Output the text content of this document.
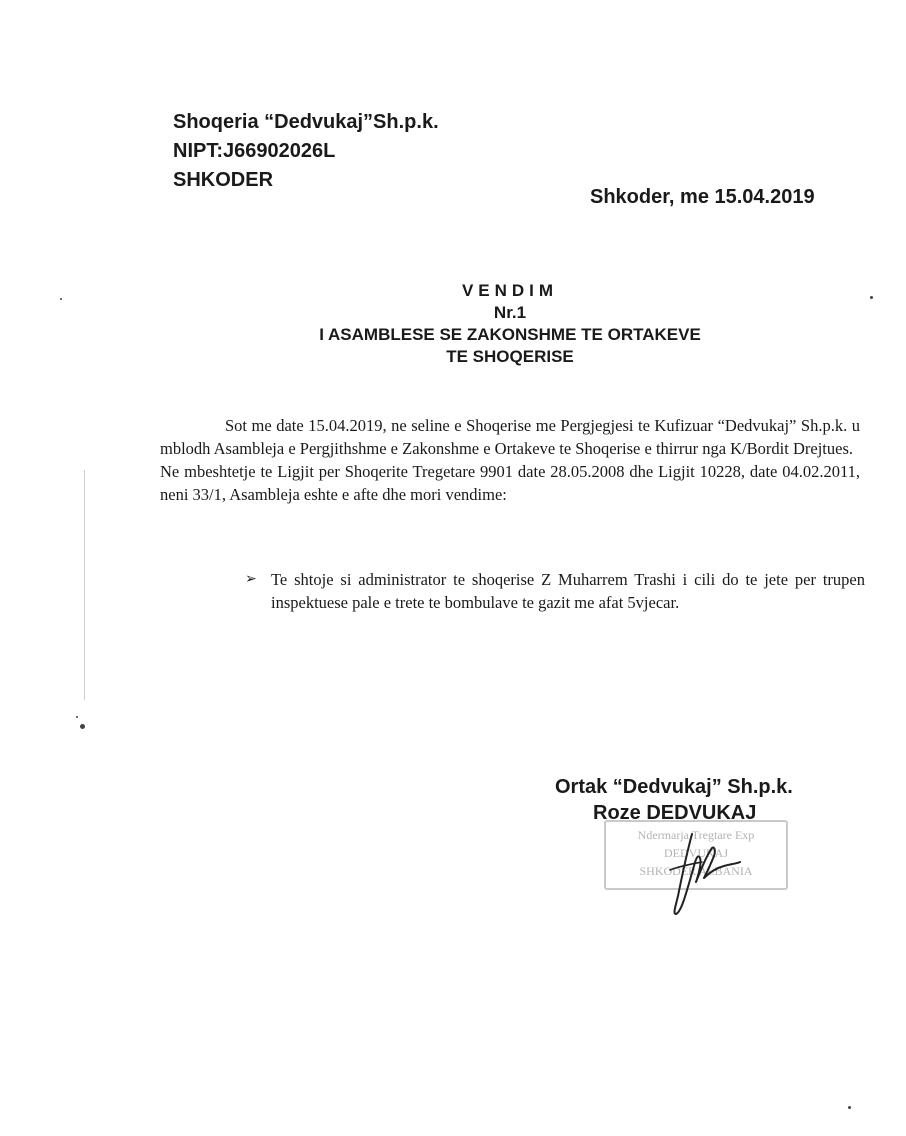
Shoqeria “Dedvukaj”Sh.p.k.
NIPT:J66902026L
SHKODER
Shkoder, me 15.04.2019
VENDIM
Nr.1
I ASAMBLESE SE ZAKONSHME TE ORTAKEVE
TE SHOQERISE

Sot me date 15.04.2019, ne seline e Shoqerise me Pergjegjesi te Kufizuar “Dedvukaj” Sh.p.k. u mblodh Asambleja e Pergjithshme e Zakonshme e Ortakeve te Shoqerise e thirrur nga K/Bordit Drejtues.

Ne mbeshtetje te Ligjit per Shoqerite Tregetare 9901 date 28.05.2008 dhe Ligjit 10228, date 04.02.2011, neni 33/1, Asambleja eshte e afte dhe mori vendime:

➢ Te shtoje si administrator te shoqerise Z Muharrem Trashi i cili do te jete per trupen inspektuese pale e trete te bombulave te gazit me afat 5vjecar.
Ortak “Dedvukaj” Sh.p.k.
Roze DEDVUKAJ
Ndermarja Tregtare Exp
DEDVUKAJ
SHKODER ALBANIA
